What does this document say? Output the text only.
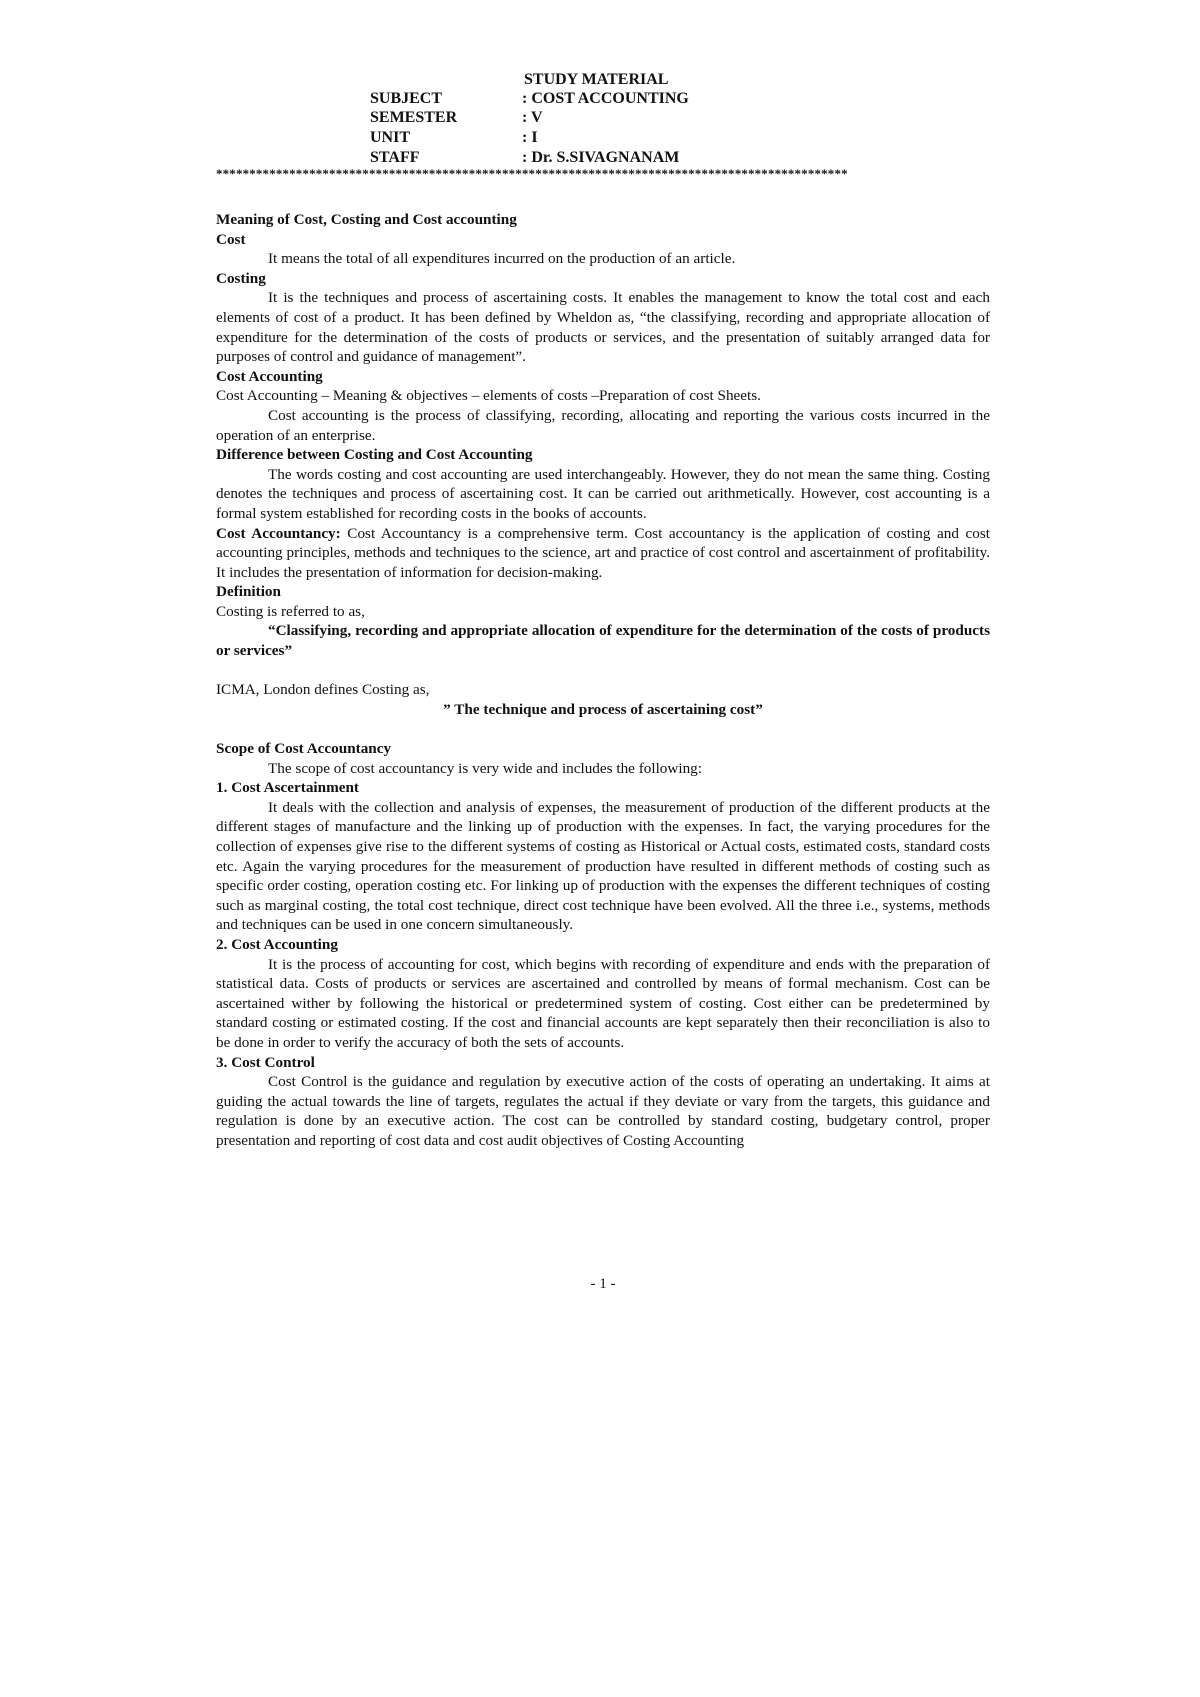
STUDY MATERIAL
SUBJECT	: COST ACCOUNTING
SEMESTER	: V
UNIT	: I
STAFF	: Dr. S.SIVAGNANAM
***********************************************************************************************

Meaning of Cost, Costing and Cost accounting

Cost

It means the total of all expenditures incurred on the production of an article.

Costing

It is the techniques and process of ascertaining costs. It enables the management to know the total cost and each elements of cost of a product. It has been defined by Wheldon as, “the classifying, recording and appropriate allocation of expenditure for the determination of the costs of products or services, and the presentation of suitably arranged data for purposes of control and guidance of management”.

Cost Accounting

Cost Accounting – Meaning & objectives – elements of costs –Preparation of cost Sheets.

Cost accounting is the process of classifying, recording, allocating and reporting the various costs incurred in the operation of an enterprise.

Difference between Costing and Cost Accounting

The words costing and cost accounting are used interchangeably. However, they do not mean the same thing. Costing denotes the techniques and process of ascertaining cost. It can be carried out arithmetically. However, cost accounting is a formal system established for recording costs in the books of accounts.

Cost Accountancy: Cost Accountancy is a comprehensive term. Cost accountancy is the application of costing and cost accounting principles, methods and techniques to the science, art and practice of cost control and ascertainment of profitability. It includes the presentation of information for decision-making.

Definition

Costing is referred to as,

“Classifying, recording and appropriate allocation of expenditure for the determination of the costs of products or services”

ICMA, London defines Costing as,

” The technique and process of ascertaining cost”

Scope of Cost Accountancy

The scope of cost accountancy is very wide and includes the following:

1. Cost Ascertainment

It deals with the collection and analysis of expenses, the measurement of production of the different products at the different stages of manufacture and the linking up of production with the expenses. In fact, the varying procedures for the collection of expenses give rise to the different systems of costing as Historical or Actual costs, estimated costs, standard costs etc. Again the varying procedures for the measurement of production have resulted in different methods of costing such as specific order costing, operation costing etc. For linking up of production with the expenses the different techniques of costing such as marginal costing, the total cost technique, direct cost technique have been evolved. All the three i.e., systems, methods and techniques can be used in one concern simultaneously.

2. Cost Accounting

It is the process of accounting for cost, which begins with recording of expenditure and ends with the preparation of statistical data. Costs of products or services are ascertained and controlled by means of formal mechanism. Cost can be ascertained wither by following the historical or predetermined system of costing. Cost either can be predetermined by standard costing or estimated costing. If the cost and financial accounts are kept separately then their reconciliation is also to be done in order to verify the accuracy of both the sets of accounts.

3. Cost Control

Cost Control is the guidance and regulation by executive action of the costs of operating an undertaking. It aims at guiding the actual towards the line of targets, regulates the actual if they deviate or vary from the targets, this guidance and regulation is done by an executive action. The cost can be controlled by standard costing, budgetary control, proper presentation and reporting of cost data and cost audit objectives of Costing Accounting

- 1 -
